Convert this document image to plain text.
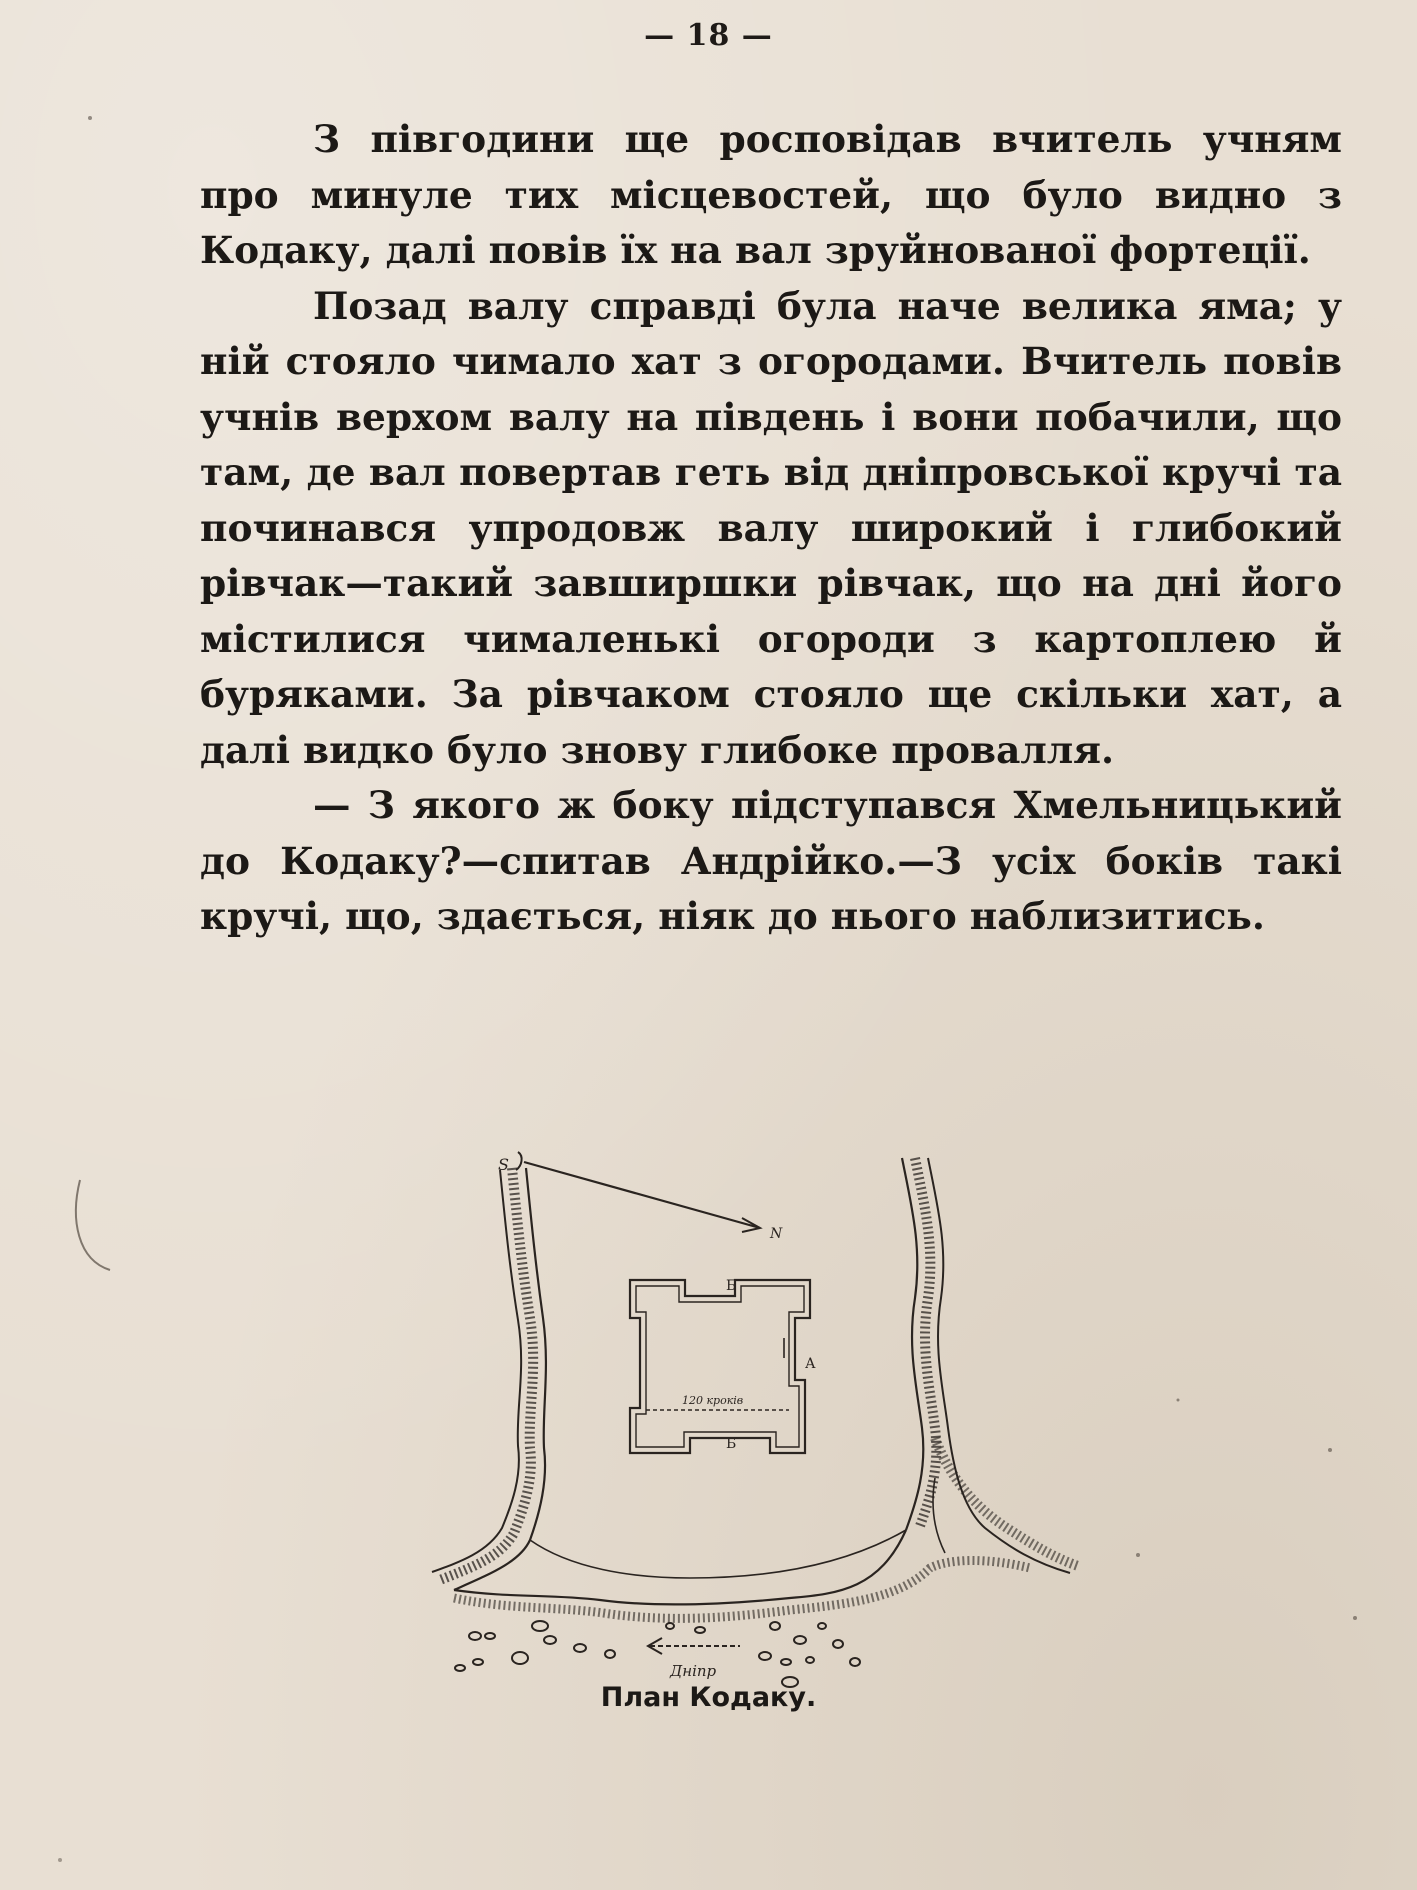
— 18 —

З півгодини ще росповідав вчитель учням про минуле тих місцевостей, що було видно з Кодаку, далі повів їх на вал зруйнованої фортеції.

Позад валу справді була наче велика яма; у ній стояло чимало хат з огородами. Вчитель повів учнів верхом валу на південь і вони побачили, що там, де вал повертав геть від дніпровської кручі та починався упродовж валу широкий і глибокий рівчак—такий завширшки рівчак, що на дні його містилися чималенькі огороди з картоплею й буряками. За рівчаком стояло ще скільки хат, а далі видко було знову глибоке провалля.

— З якого ж боку підступався Хмельницький до Кодаку?—спитав Андрійко.—З усіх боків такі кручі, що, здається, ніяк до нього наблизитись.

S
N
Б
А
Б
120 кроків
Дніпр
План Кодаку.
